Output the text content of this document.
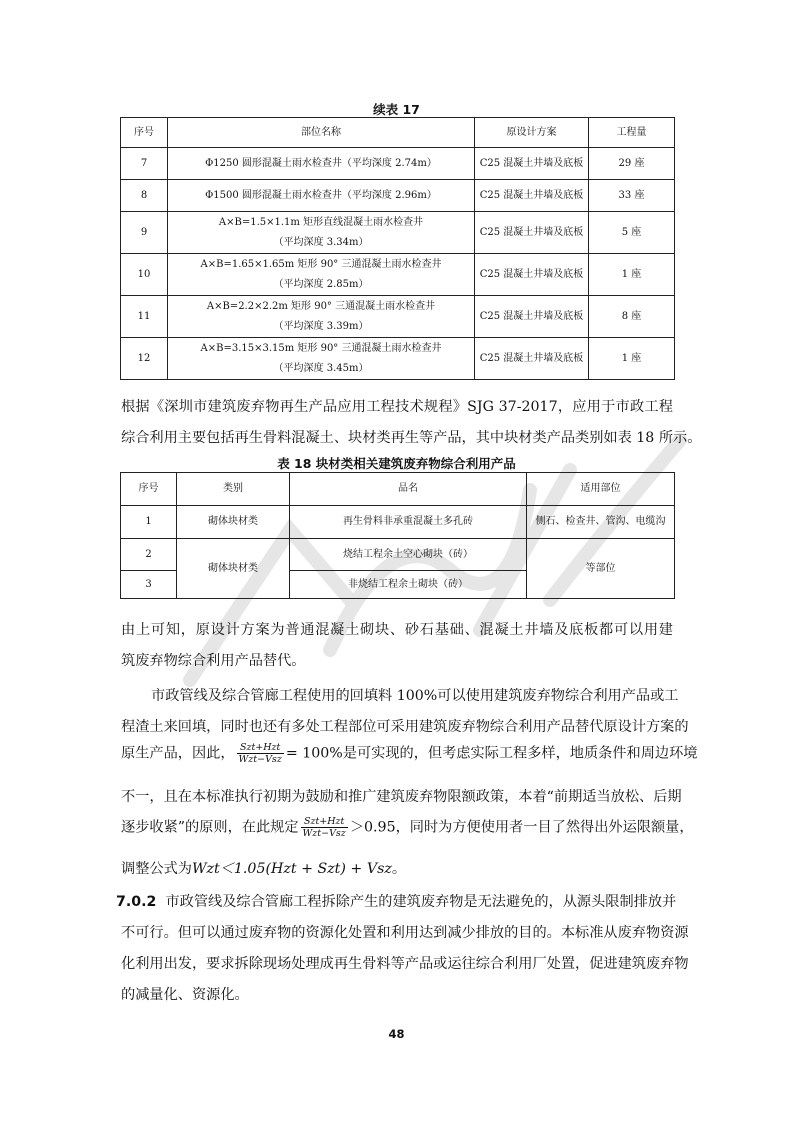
续表 17
序号	部位名称	原设计方案	工程量
7	Φ1250 圆形混凝土雨水检查井（平均深度 2.74m）	C25 混凝土井墙及底板	29 座
8	Φ1500 圆形混凝土雨水检查井（平均深度 2.96m）	C25 混凝土井墙及底板	33 座
9	A×B=1.5×1.1m 矩形直线混凝土雨水检查井
（平均深度 3.34m）	C25 混凝土井墙及底板	5 座
10	A×B=1.65×1.65m 矩形 90° 三通混凝土雨水检查井
（平均深度 2.85m）	C25 混凝土井墙及底板	1 座
11	A×B=2.2×2.2m 矩形 90° 三通混凝土雨水检查井
（平均深度 3.39m）	C25 混凝土井墙及底板	8 座
12	A×B=3.15×3.15m 矩形 90° 三通混凝土雨水检查井
（平均深度 3.45m）	C25 混凝土井墙及底板	1 座
根据《深圳市建筑废弃物再生产品应用工程技术规程》SJG 37-2017，应用于市政工程
综合利用主要包括再生骨料混凝土、块材类再生等产品，其中块材类产品类别如表 18 所示。
表 18 块材类相关建筑废弃物综合利用产品
序号	类别	品名	适用部位
1	砌体块材类	再生骨料非承重混凝土多孔砖	侧石、检查井、管沟、电缆沟
2	砌体块材类	烧结工程余土空心砌块（砖）	等部位
3		非烧结工程余土砌块（砖）	
由上可知，原设计方案为普通混凝土砌块、砂石基础、混凝土井墙及底板都可以用建
筑废弃物综合利用产品替代。
市政管线及综合管廊工程使用的回填料 100%可以使用建筑废弃物综合利用产品或工
程渣土来回填，同时也还有多处工程部位可采用建筑废弃物综合利用产品替代原设计方案的
原生产品，因此， $\frac{\text{Szt+Hzt}}{\text{Wzt−Vsz}} = 100\%$是可实现的，但考虑实际工程多样，地质条件和周边环境
不一，且在本标准执行初期为鼓励和推广建筑废弃物限额政策，本着“前期适当放松、后期
逐步收紧”的原则，在此规定 $\frac{\text{Szt+Hzt}}{\text{Wzt−Vsz}} >0.95$，同时为方便使用者一目了然得出外运限额量，
调整公式为Wzt＜1.05(Hzt + Szt) + Vsz。
7.0.2 市政管线及综合管廊工程拆除产生的建筑废弃物是无法避免的，从源头限制排放并
不可行。但可以通过废弃物的资源化处置和利用达到减少排放的目的。本标准从废弃物资源
化利用出发，要求拆除现场处理成再生骨料等产品或运往综合利用厂处置，促进建筑废弃物
的减量化、资源化。
48
